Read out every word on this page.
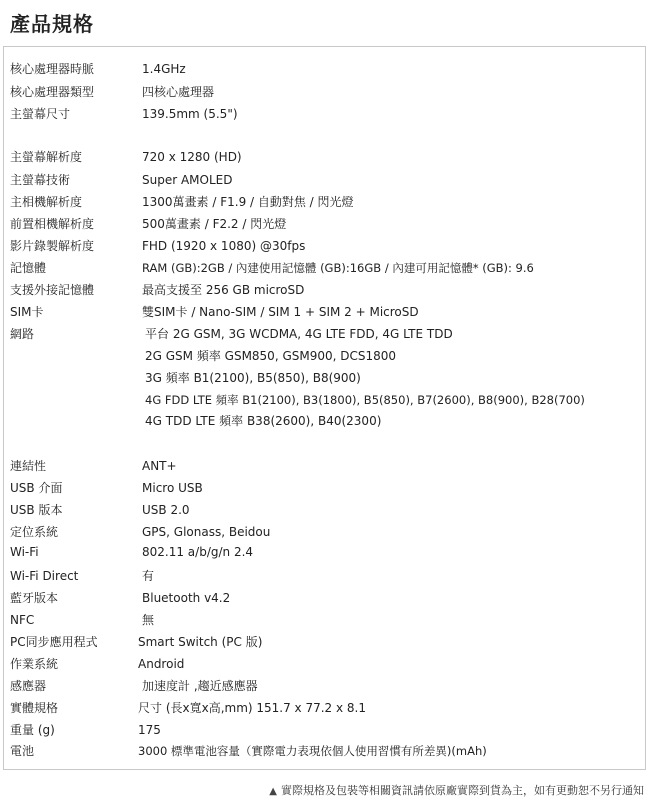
產品規格
核心處理器時脈	1.4GHz
核心處理器類型	四核心處理器
主螢幕尺寸	139.5mm (5.5")
主螢幕解析度	720 x 1280 (HD)
主螢幕技術	Super AMOLED
主相機解析度	1300萬畫素 / F1.9 / 自動對焦 / 閃光燈
前置相機解析度	500萬畫素 / F2.2 / 閃光燈
影片錄製解析度	FHD (1920 x 1080) @30fps
記憶體	RAM (GB):2GB / 內建使用記憶體 (GB):16GB / 內建可用記憶體* (GB): 9.6
支援外接記憶體	最高支援至 256 GB microSD
SIM卡	雙SIM卡 / Nano-SIM / SIM 1 + SIM 2 + MicroSD
網路	平台 2G GSM, 3G WCDMA, 4G LTE FDD, 4G LTE TDD
2G GSM 頻率 GSM850, GSM900, DCS1800
3G 頻率 B1(2100), B5(850), B8(900)
4G FDD LTE 頻率 B1(2100), B3(1800), B5(850), B7(2600), B8(900), B28(700)
4G TDD LTE 頻率 B38(2600), B40(2300)
連結性	ANT+
USB 介面	Micro USB
USB 版本	USB 2.0
定位系統	GPS, Glonass, Beidou
Wi-Fi	802.11 a/b/g/n 2.4
Wi-Fi Direct	有
藍牙版本	Bluetooth v4.2
NFC	無
PC同步應用程式	Smart Switch (PC 版)
作業系統	Android
感應器	加速度計 ,趨近感應器
實體規格	尺寸 (長x寬x高,mm) 151.7 x 77.2 x 8.1
重量 (g)	175
電池	3000 標準電池容量（實際電力表現依個人使用習慣有所差異)(mAh)
▲ 實際規格及包裝等相關資訊請依原廠實際到貨為主，如有更動恕不另行通知
